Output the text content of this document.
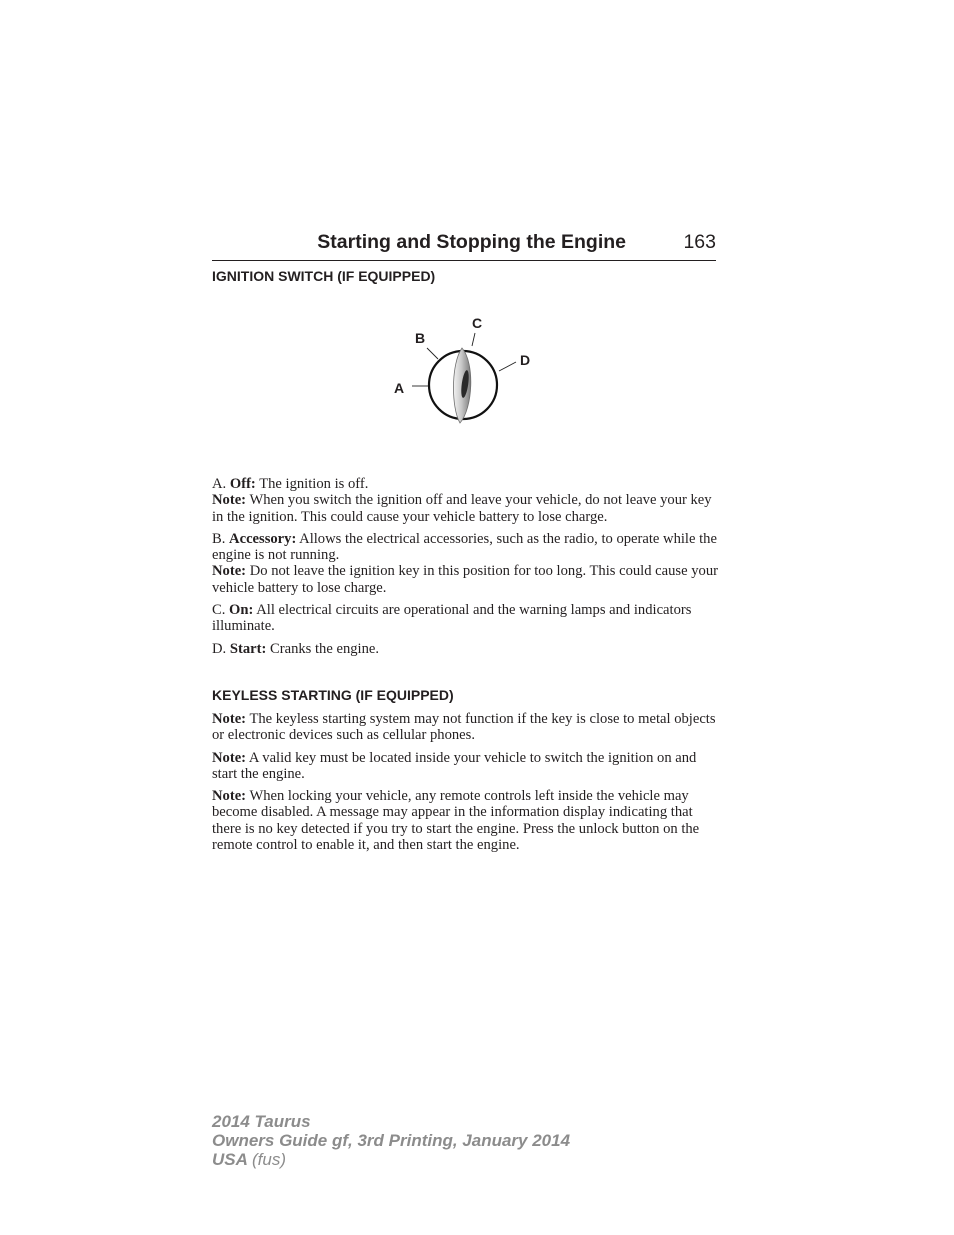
Starting and Stopping the Engine	163
IGNITION SWITCH (IF EQUIPPED)
A
B
C
D

A. Off: The ignition is off.

Note: When you switch the ignition off and leave your vehicle, do not leave your key in the ignition. This could cause your vehicle battery to lose charge.

B. Accessory: Allows the electrical accessories, such as the radio, to operate while the engine is not running.

Note: Do not leave the ignition key in this position for too long. This could cause your vehicle battery to lose charge.

C. On: All electrical circuits are operational and the warning lamps and indicators illuminate.

D. Start: Cranks the engine.

KEYLESS STARTING (IF EQUIPPED)

Note: The keyless starting system may not function if the key is close to metal objects or electronic devices such as cellular phones.

Note: A valid key must be located inside your vehicle to switch the ignition on and start the engine.

Note: When locking your vehicle, any remote controls left inside the vehicle may become disabled. A message may appear in the information display indicating that there is no key detected if you try to start the engine. Press the unlock button on the remote control to enable it, and then start the engine.

2014 Taurus
Owners Guide gf, 3rd Printing, January 2014
USA (fus)
